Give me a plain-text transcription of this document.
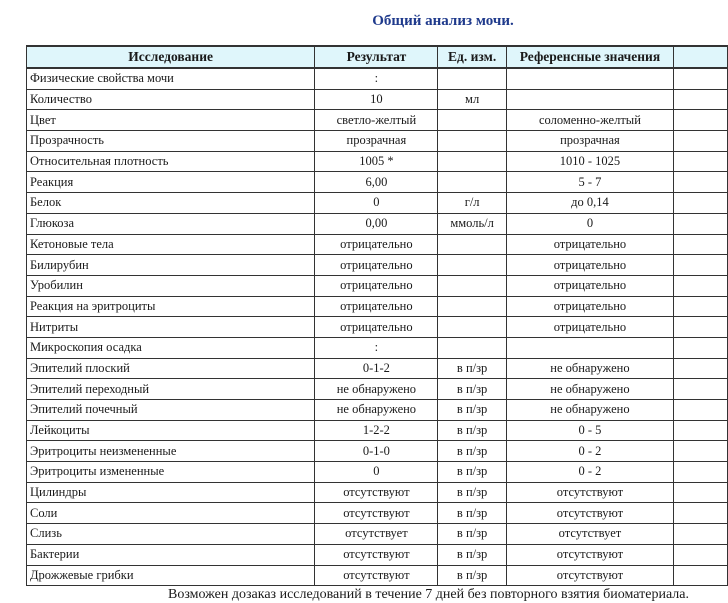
Общий анализ мочи.
Исследование	Результат	Ед. изм.	Референсные значения	
Физические свойства мочи	:			
Количество	10	мл		
Цвет	светло-желтый		соломенно-желтый	
Прозрачность	прозрачная		прозрачная	
Относительная плотность	1005 *		1010 - 1025	
Реакция	6,00		5 - 7	
Белок	0	г/л	до 0,14	
Глюкоза	0,00	ммоль/л	0	
Кетоновые тела	отрицательно		отрицательно	
Билирубин	отрицательно		отрицательно	
Уробилин	отрицательно		отрицательно	
Реакция на эритроциты	отрицательно		отрицательно	
Нитриты	отрицательно		отрицательно	
Микроскопия осадка	:			
Эпителий плоский	0-1-2	в п/зр	не обнаружено	
Эпителий переходный	не обнаружено	в п/зр	не обнаружено	
Эпителий почечный	не обнаружено	в п/зр	не обнаружено	
Лейкоциты	1-2-2	в п/зр	0 - 5	
Эритроциты неизмененные	0-1-0	в п/зр	0 - 2	
Эритроциты измененные	0	в п/зр	0 - 2	
Цилиндры	отсутствуют	в п/зр	отсутствуют	
Соли	отсутствуют	в п/зр	отсутствуют	
Слизь	отсутствует	в п/зр	отсутствует	
Бактерии	отсутствуют	в п/зр	отсутствуют	
Дрожжевые грибки	отсутствуют	в п/зр	отсутствуют	
Возможен дозаказ исследований в течение 7 дней без повторного взятия биоматериала.
